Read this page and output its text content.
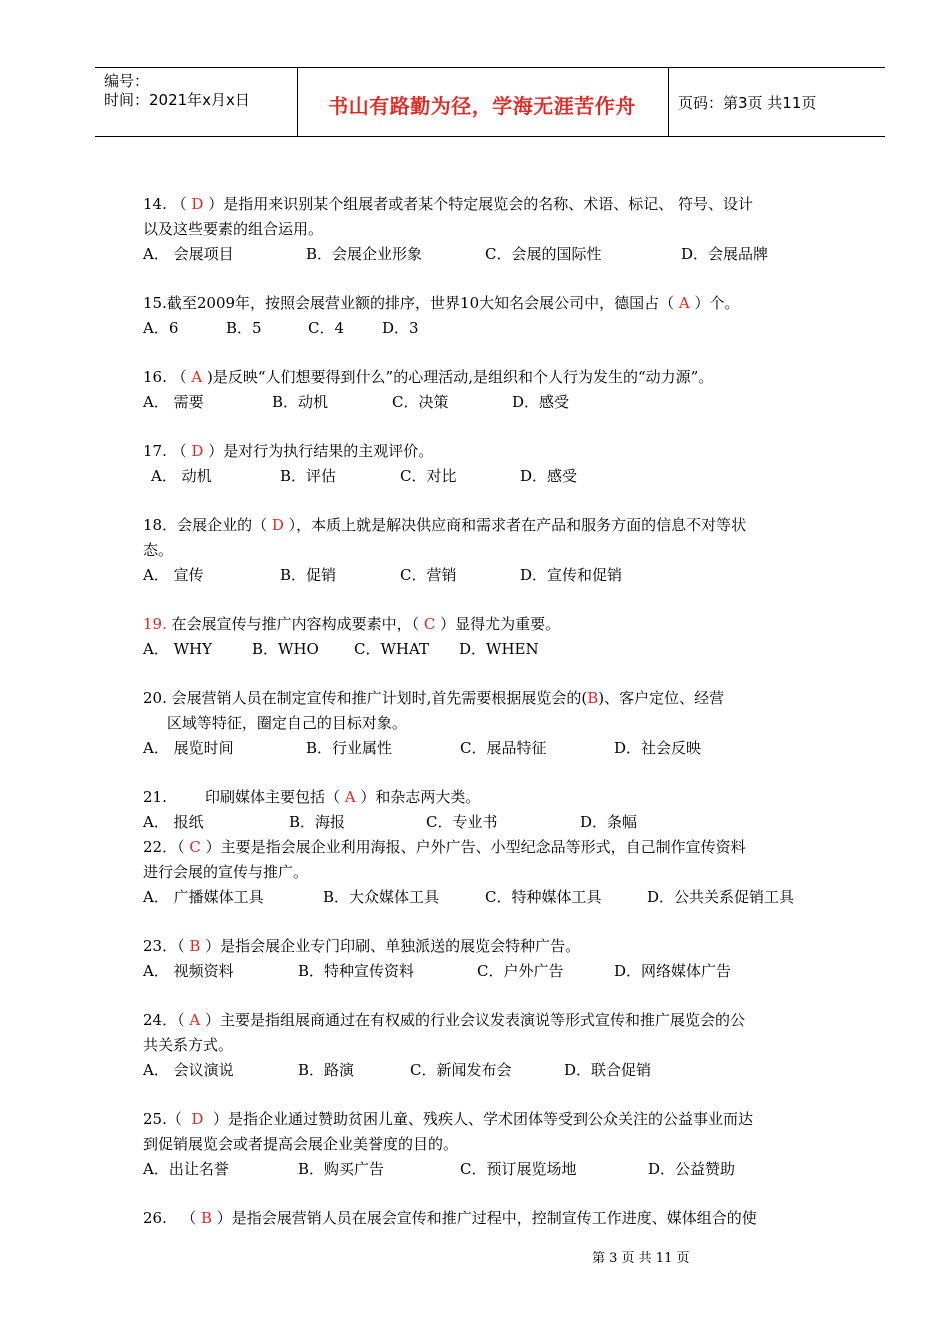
编号：
时间：2021年x月x日	书山有路勤为径，学海无涯苦作舟	页码：第3页 共11页
14. （ D ）是指用来识别某个组展者或者某个特定展览会的名称、术语、标记、 符号、设计
以及这些要素的组合运用。
A． 会展项目	B．会展企业形象	C．会展的国际性	D．会展品牌
15.截至2009年，按照会展营业额的排序，世界10大知名会展公司中，德国占（ A ）个。
A．6	B．5	C．4	D．3
16. （ A )是反映“人们想要得到什么”的心理活动,是组织和个人行为发生的“动力源”。
A． 需要	B．动机	C．决策	D．感受
17. （ D ）是对行为执行结果的主观评价。
A． 动机	B．评估	C．对比	D．感受
18．会展企业的（ D ），本质上就是解决供应商和需求者在产品和服务方面的信息不对等状
态。
A． 宣传	B．促销	C．营销	D．宣传和促销
19. 在会展宣传与推广内容构成要素中，（ C ）显得尤为重要。
A． WHY	B．WHO C．WHAT D．WHEN
20. 会展营销人员在制定宣传和推广计划时,首先需要根据展览会的(B)、客户定位、经营
区域等特征，圈定自己的目标对象。
A． 展览时间	B．行业属性	C．展品特征	D．社会反映
21.        印刷媒体主要包括（ A ）和杂志两大类。
A． 报纸	B．海报	C．专业书	D．条幅
22．（ C ）主要是指会展企业利用海报、户外广告、小型纪念品等形式，自己制作宣传资料
进行会展的宣传与推广。
A． 广播媒体工具	B．大众媒体工具	C．特种媒体工具	D．公共关系促销工具
23．（ B ）是指会展企业专门印刷、单独派送的展览会特种广告。
A． 视频资料	B．特种宣传资料	C．户外广告	D．网络媒体广告
24．（ A ）主要是指组展商通过在有权威的行业会议发表演说等形式宣传和推广展览会的公
共关系方式。
A． 会议演说	B．路演	C．新闻发布会	D．联合促销
25.（  D  ）是指企业通过赞助贫困儿童、残疾人、学术团体等受到公众关注的公益事业而达
到促销展览会或者提高会展企业美誉度的目的。
A．出让名誉	B．购买广告	C．预订展览场地	D．公益赞助
26.   （ B ）是指会展营销人员在展会宣传和推广过程中，控制宣传工作进度、媒体组合的使
第 3 页 共 11 页
